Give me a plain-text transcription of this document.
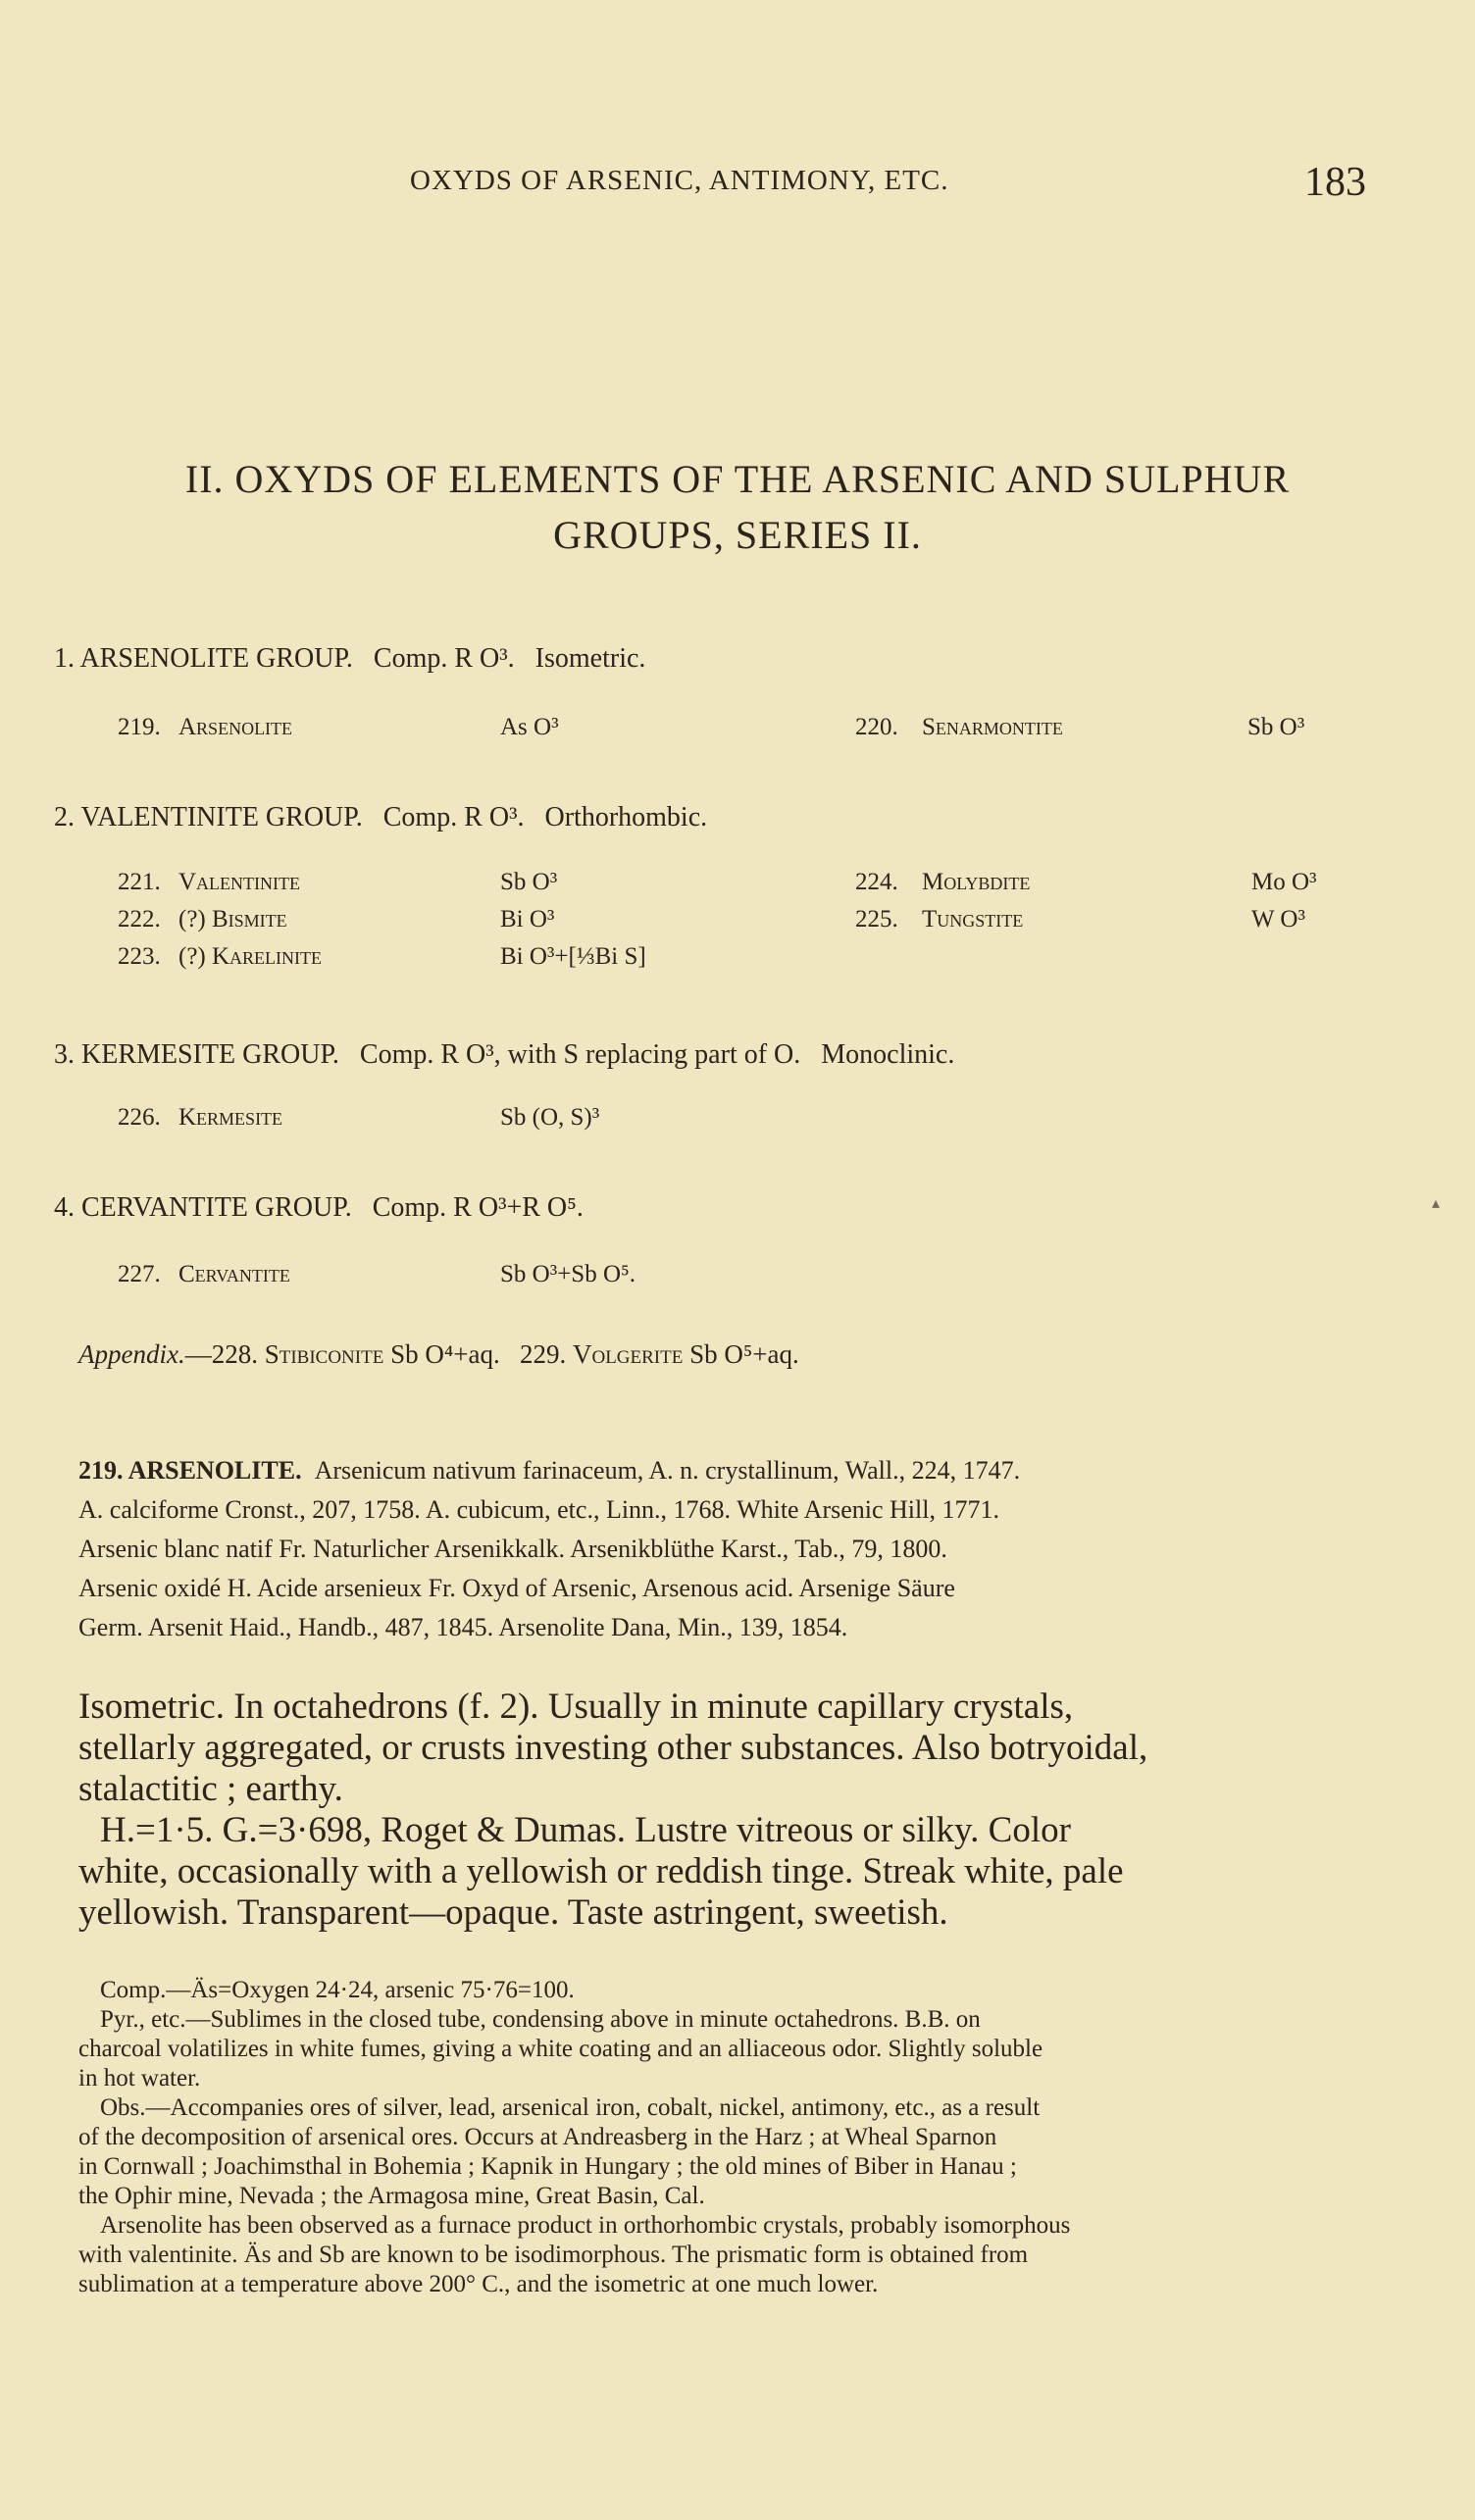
OXYDS OF ARSENIC, ANTIMONY, ETC.	183
II. OXYDS OF ELEMENTS OF THE ARSENIC AND SULPHUR
GROUPS, SERIES II.
1. ARSENOLITE GROUP. Comp. R O³. Isometric.
219. Arsenolite	As O³	220. Senarmontite	Sb O³
2. VALENTINITE GROUP. Comp. R O³. Orthorhombic.
221. Valentinite	Sb O³	224. Molybdite	Mo O³
222. (?) Bismite	Bi O³	225. Tungstite	W O³
223. (?) Karelinite	Bi O³+[⅓Bi S]
3. KERMESITE GROUP. Comp. R O³, with S replacing part of O. Monoclinic.
226. Kermesite	Sb (O, S)³
4. CERVANTITE GROUP. Comp. R O³+R O⁵.
227. Cervantite	Sb O³+Sb O⁵.
▴
Appendix.—228. Stibiconite Sb O⁴+aq.   229. Volgerite Sb O⁵+aq.
219. ARSENOLITE. Arsenicum nativum farinaceum, A. n. crystallinum, Wall., 224, 1747.
A. calciforme Cronst., 207, 1758. A. cubicum, etc., Linn., 1768. White Arsenic Hill, 1771.
Arsenic blanc natif Fr. Naturlicher Arsenikkalk. Arsenikblüthe Karst., Tab., 79, 1800.
Arsenic oxidé H. Acide arsenieux Fr. Oxyd of Arsenic, Arsenous acid. Arsenige Säure
Germ. Arsenit Haid., Handb., 487, 1845. Arsenolite Dana, Min., 139, 1854.
Isometric. In octahedrons (f. 2). Usually in minute capillary crystals,
stellarly aggregated, or crusts investing other substances. Also botryoidal,
stalactitic ; earthy.
H.=1·5. G.=3·698, Roget & Dumas. Lustre vitreous or silky. Color
white, occasionally with a yellowish or reddish tinge. Streak white, pale
yellowish. Transparent—opaque. Taste astringent, sweetish.
Comp.—Äs=Oxygen 24·24, arsenic 75·76=100.
Pyr., etc.—Sublimes in the closed tube, condensing above in minute octahedrons. B.B. on
charcoal volatilizes in white fumes, giving a white coating and an alliaceous odor. Slightly soluble
in hot water.
Obs.—Accompanies ores of silver, lead, arsenical iron, cobalt, nickel, antimony, etc., as a result
of the decomposition of arsenical ores. Occurs at Andreasberg in the Harz ; at Wheal Sparnon
in Cornwall ; Joachimsthal in Bohemia ; Kapnik in Hungary ; the old mines of Biber in Hanau ;
the Ophir mine, Nevada ; the Armagosa mine, Great Basin, Cal.
Arsenolite has been observed as a furnace product in orthorhombic crystals, probably isomorphous
with valentinite. Äs and Sb are known to be isodimorphous. The prismatic form is obtained from
sublimation at a temperature above 200° C., and the isometric at one much lower.
